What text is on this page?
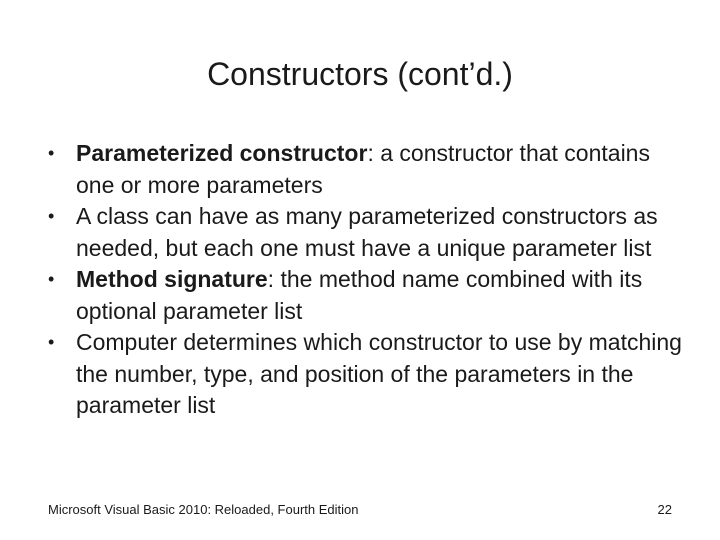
Constructors (cont’d.)
• Parameterized constructor: a constructor that contains one or more parameters
• A class can have as many parameterized constructors as needed, but each one must have a unique parameter list
• Method signature: the method name combined with its optional parameter list
• Computer determines which constructor to use by matching the number, type, and position of the parameters in the parameter list
Microsoft Visual Basic 2010: Reloaded, Fourth Edition	22
